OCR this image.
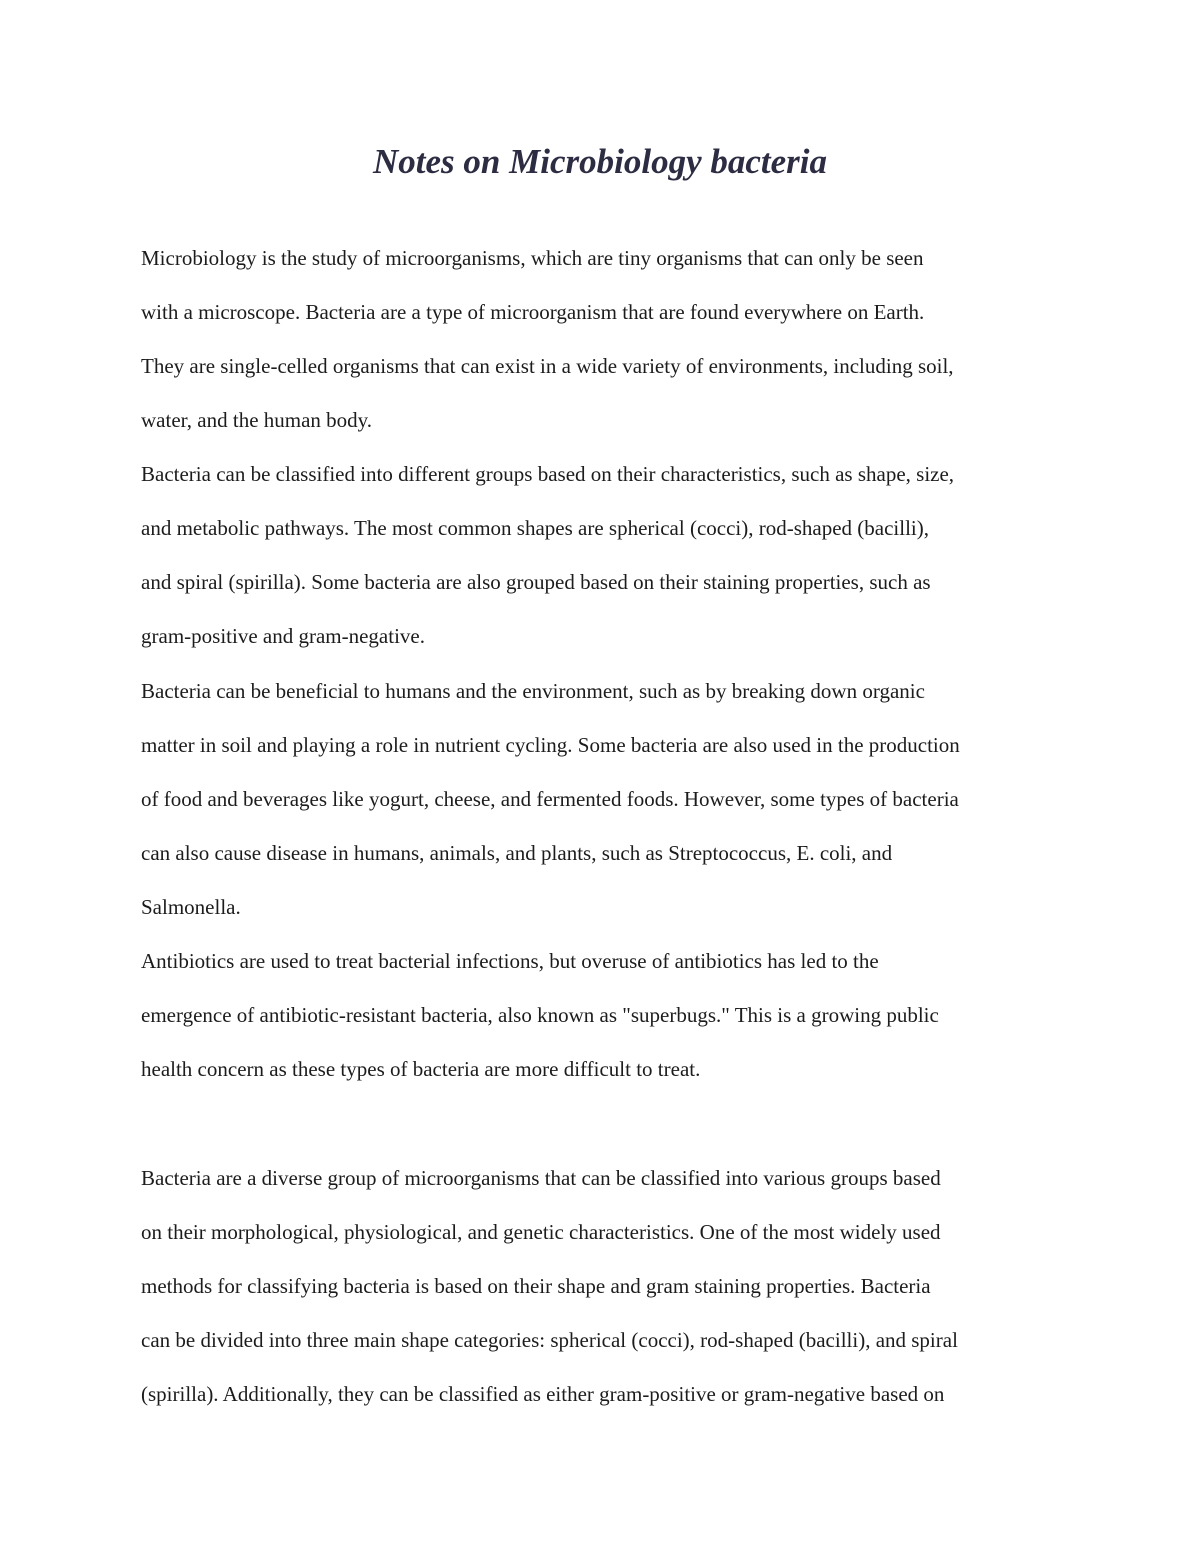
Notes on Microbiology bacteria

Microbiology is the study of microorganisms, which are tiny organisms that can only be seen

with a microscope. Bacteria are a type of microorganism that are found everywhere on Earth.

They are single-celled organisms that can exist in a wide variety of environments, including soil,

water, and the human body.

Bacteria can be classified into different groups based on their characteristics, such as shape, size,

and metabolic pathways. The most common shapes are spherical (cocci), rod-shaped (bacilli),

and spiral (spirilla). Some bacteria are also grouped based on their staining properties, such as

gram-positive and gram-negative.

Bacteria can be beneficial to humans and the environment, such as by breaking down organic

matter in soil and playing a role in nutrient cycling. Some bacteria are also used in the production

of food and beverages like yogurt, cheese, and fermented foods. However, some types of bacteria

can also cause disease in humans, animals, and plants, such as Streptococcus, E. coli, and

Salmonella.

Antibiotics are used to treat bacterial infections, but overuse of antibiotics has led to the

emergence of antibiotic-resistant bacteria, also known as "superbugs." This is a growing public

health concern as these types of bacteria are more difficult to treat.

Bacteria are a diverse group of microorganisms that can be classified into various groups based

on their morphological, physiological, and genetic characteristics. One of the most widely used

methods for classifying bacteria is based on their shape and gram staining properties. Bacteria

can be divided into three main shape categories: spherical (cocci), rod-shaped (bacilli), and spiral

(spirilla). Additionally, they can be classified as either gram-positive or gram-negative based on
